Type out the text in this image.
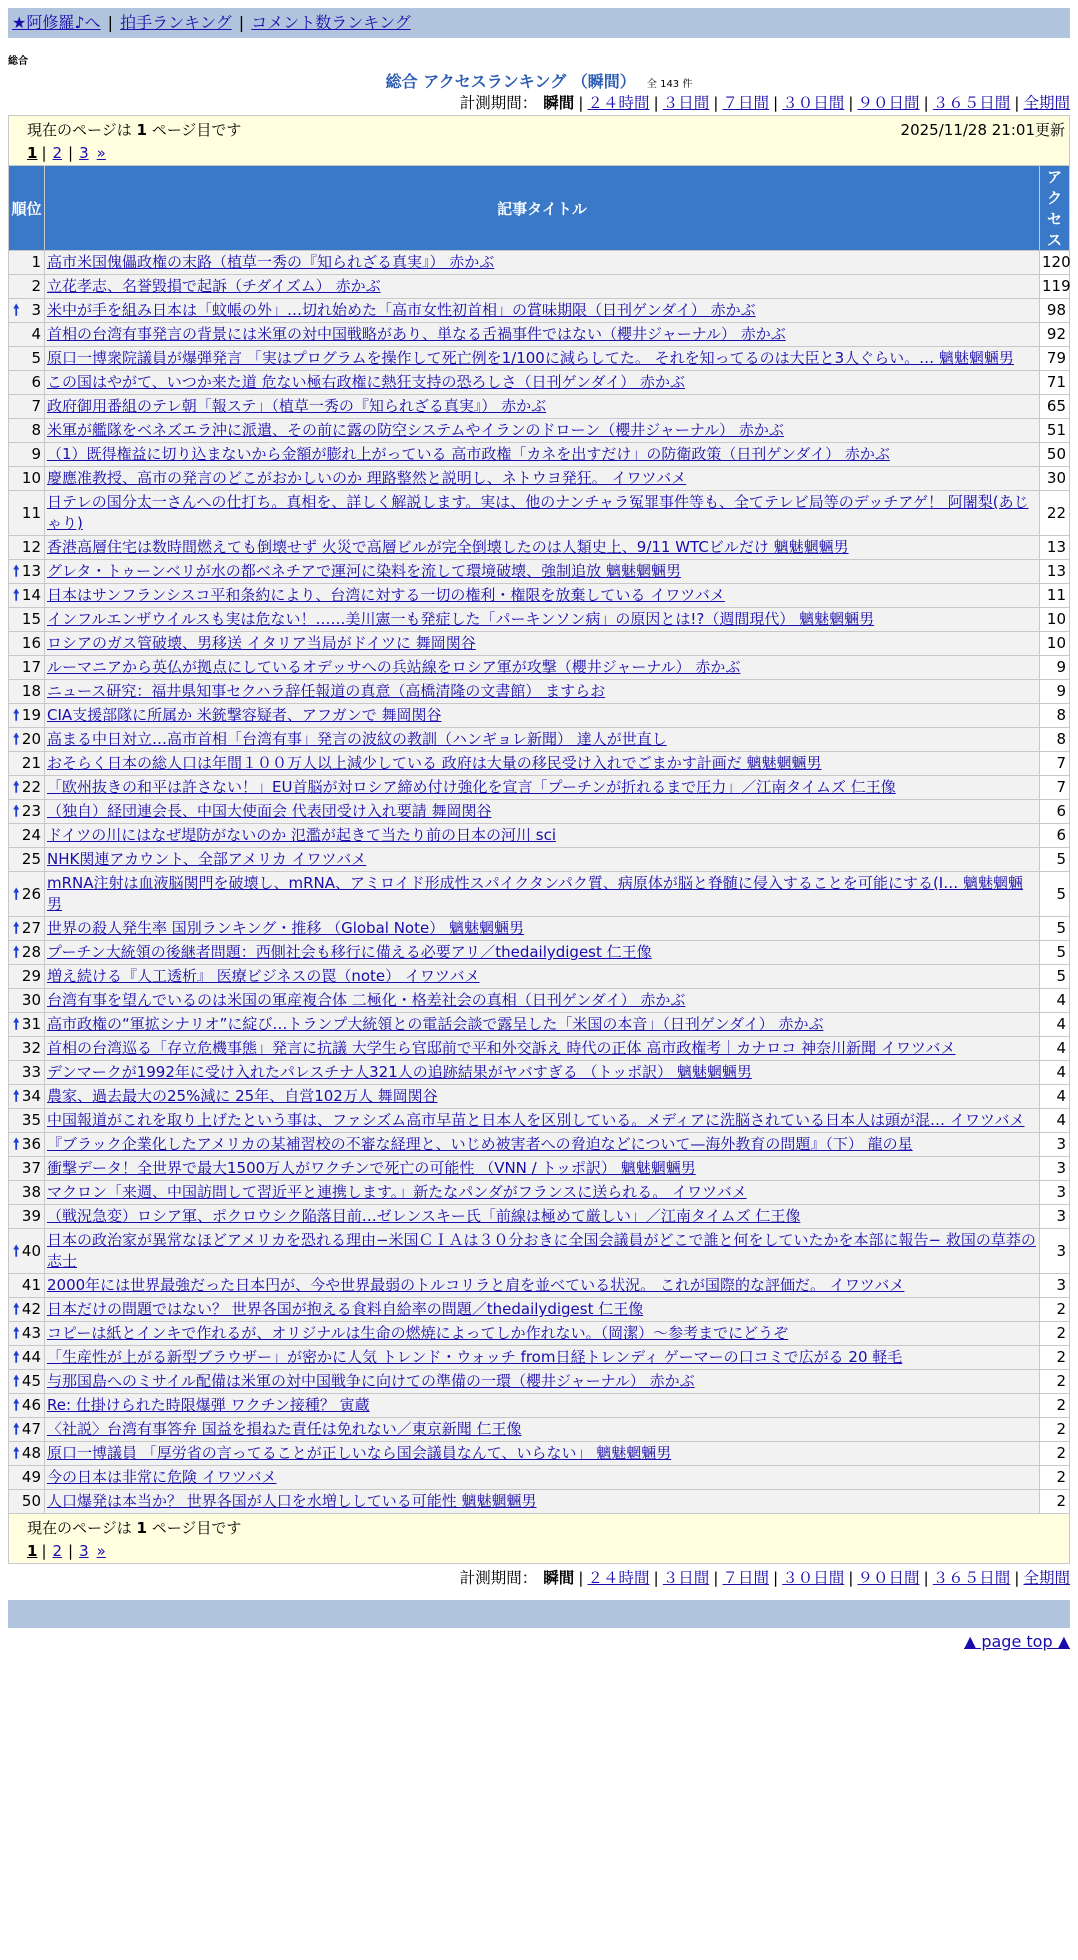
★阿修羅♪へ | 拍手ランキング | コメント数ランキング
総合
総合 アクセスランキング （瞬間） 全 143 件
計測期間： 瞬間 | ２４時間 | ３日間 | ７日間 | ３０日間 | ９０日間 | ３６５日間 | 全期間
現在のページは 1 ページ目です	2025/11/28 21:01更新
1 | 2 | 3 »
順位	記事タイトル	アクセス
1	高市米国傀儡政権の末路（植草一秀の『知られざる真実』） 赤かぶ	120
2	立花孝志、名誉毀損で起訴（チダイズム） 赤かぶ	119

🠕 3	米中が手を組み日本は「蚊帳の外」…切れ始めた「高市女性初首相」の賞味期限（日刊ゲンダイ） 赤かぶ	98
4	首相の台湾有事発言の背景には米軍の対中国戦略があり、単なる舌禍事件ではない（櫻井ジャーナル） 赤かぶ	92
5	原口一博衆院議員が爆弾発言 「実はプログラムを操作して死亡例を1/100に減らしてた。 それを知ってるのは大臣と3人ぐらい。… 魑魅魍魎男	79
6	この国はやがて、いつか来た道 危ない極右政権に熱狂支持の恐ろしさ（日刊ゲンダイ） 赤かぶ	71
7	政府御用番組のテレ朝「報ステ」（植草一秀の『知られざる真実』） 赤かぶ	65
8	米軍が艦隊をベネズエラ沖に派遣、その前に露の防空システムやイランのドローン（櫻井ジャーナル） 赤かぶ	51
9	（1）既得権益に切り込まないから金額が膨れ上がっている 高市政権「カネを出すだけ」の防衛政策（日刊ゲンダイ） 赤かぶ	50
10	慶應准教授、高市の発言のどこがおかしいのか 理路整然と説明し、ネトウヨ発狂。 イワツバメ	30
11	日テレの国分太一さんへの仕打ち。真相を、詳しく解説します。実は、他のナンチャラ冤罪事件等も、全てテレビ局等のデッチアゲ！ 阿闍梨(あじゃり)	22
12	香港高層住宅は数時間燃えても倒壊せず 火災で高層ビルが完全倒壊したのは人類史上、9/11 WTCビルだけ 魑魅魍魎男	13

🠕 13	グレタ・トゥーンベリが水の都ベネチアで運河に染料を流して環境破壊、強制追放 魑魅魍魎男	13

🠕 14	日本はサンフランシスコ平和条約により、台湾に対する一切の権利・権限を放棄している イワツバメ	11
15	インフルエンザウイルスも実は危ない！……美川憲一も発症した「パーキンソン病」の原因とは!?（週間現代） 魑魅魍魎男	10
16	ロシアのガス管破壊、男移送 イタリア当局がドイツに 舞岡関谷	10
17	ルーマニアから英仏が拠点にしているオデッサへの兵站線をロシア軍が攻撃（櫻井ジャーナル） 赤かぶ	9
18	ニュース研究：福井県知事セクハラ辞任報道の真意（高橋清隆の文書館） ますらお	9

🠕 19	CIA支援部隊に所属か 米銃撃容疑者、アフガンで 舞岡関谷	8

🠕 20	高まる中日対立…高市首相「台湾有事」発言の波紋の教訓（ハンギョレ新聞） 達人が世直し	8
21	おそらく日本の総人口は年間１００万人以上減少している 政府は大量の移民受け入れでごまかす計画だ 魑魅魍魎男	7

🠕 22	「欧州抜きの和平は許さない！」EU首脳が対ロシア締め付け強化を宣言「プーチンが折れるまで圧力」／江南タイムズ 仁王像	7

🠕 23	（独自）経団連会長、中国大使面会 代表団受け入れ要請 舞岡関谷	6
24	ドイツの川にはなぜ堤防がないのか 氾濫が起きて当たり前の日本の河川 sci	6
25	NHK関連アカウント、全部アメリカ イワツバメ	5

🠕 26	mRNA注射は血液脳関門を破壊し、mRNA、アミロイド形成性スパイクタンパク質、病原体が脳と脊髄に侵入することを可能にする(I… 魑魅魍魎男	5

🠕 27	世界の殺人発生率 国別ランキング・推移 （Global Note） 魑魅魍魎男	5

🠕 28	プーチン大統領の後継者問題：西側社会も移行に備える必要アリ／thedailydigest 仁王像	5
29	増え続ける『人工透析』 医療ビジネスの罠（note） イワツバメ	5
30	台湾有事を望んでいるのは米国の軍産複合体 二極化・格差社会の真相（日刊ゲンダイ） 赤かぶ	4

🠕 31	高市政権の“軍拡シナリオ”に綻び…トランプ大統領との電話会談で露呈した「米国の本音」（日刊ゲンダイ） 赤かぶ	4
32	首相の台湾巡る「存立危機事態」発言に抗議 大学生ら官邸前で平和外交訴え 時代の正体 高市政権考｜カナロコ 神奈川新聞 イワツバメ	4
33	デンマークが1992年に受け入れたパレスチナ人321人の追跡結果がヤバすぎる （トッポ訳） 魑魅魍魎男	4

🠕 34	農家、過去最大の25%減に 25年、自営102万人 舞岡関谷	4
35	中国報道がこれを取り上げたという事は、ファシズム高市早苗と日本人を区別している。メディアに洗脳されている日本人は頭が混… イワツバメ	4

🠕 36	『ブラック企業化したアメリカの某補習校の不審な経理と、いじめ被害者への脅迫などについて—海外教育の問題』（下） 龍の星	3
37	衝撃データ！全世界で最大1500万人がワクチンで死亡の可能性 （VNN / トッポ訳） 魑魅魍魎男	3
38	マクロン「来週、中国訪問して習近平と連携します。」新たなパンダがフランスに送られる。 イワツバメ	3
39	（戦況急変）ロシア軍、ポクロウシク陥落目前…ゼレンスキー氏「前線は極めて厳しい」／江南タイムズ 仁王像	3

🠕 40	日本の政治家が異常なほどアメリカを恐れる理由−米国ＣＩＡは３０分おきに全国会議員がどこで誰と何をしていたかを本部に報告− 救国の草莽の志士	3
41	2000年には世界最強だった日本円が、今や世界最弱のトルコリラと肩を並べている状況。 これが国際的な評価だ。 イワツバメ	3

🠕 42	日本だけの問題ではない？ 世界各国が抱える食料自給率の問題／thedailydigest 仁王像	2

🠕 43	コピーは紙とインキで作れるが、オリジナルは生命の燃焼によってしか作れない。（岡潔）〜参考までにどうぞ	2

🠕 44	「生産性が上がる新型ブラウザー」が密かに人気 トレンド・ウォッチ from日経トレンディ ゲーマーの口コミで広がる 20 軽毛	2

🠕 45	与那国島へのミサイル配備は米軍の対中国戦争に向けての準備の一環（櫻井ジャーナル） 赤かぶ	2

🠕 46	Re: 仕掛けられた時限爆弾 ワクチン接種？ 寅蔵	2

🠕 47	〈社説〉台湾有事答弁 国益を損ねた責任は免れない／東京新聞 仁王像	2

🠕 48	原口一博議員 「厚労省の言ってることが正しいなら国会議員なんて、いらない」 魑魅魍魎男	2
49	今の日本は非常に危険 イワツバメ	2
50	人口爆発は本当か？ 世界各国が人口を水増ししている可能性 魑魅魍魎男	2
現在のページは 1 ページ目です
1 | 2 | 3 »
計測期間： 瞬間 | ２４時間 | ３日間 | ７日間 | ３０日間 | ９０日間 | ３６５日間 | 全期間
▲ page top ▲
